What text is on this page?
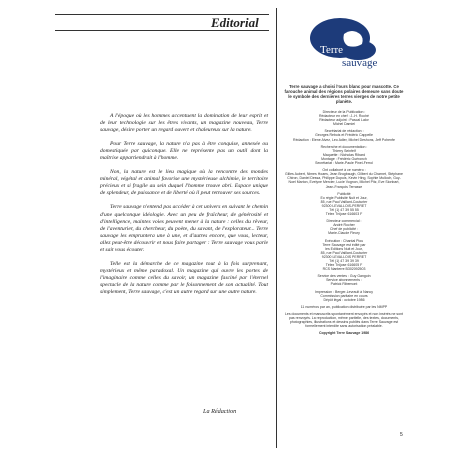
Editorial

A l'époque où les hommes accentuent la domination de leur esprit et de leur technologie sur les êtres vivants, un magazine nouveau, Terre sauvage, désire porter un regard ouvert et chaleureux sur la nature.

Pour Terre sauvage, la nature n'a pas à être conquise, annexée ou domestiquée par quiconque. Elle ne représente pas un outil dont la maîtrise appartiendrait à l'homme.

Non, la nature est le lieu magique où la rencontre des mondes minéral, végétal et animal favorise une mystérieuse alchimie, le territoire précieux et si fragile au sein duquel l'homme trouve abri. Espace unique de splendeur, de puissance et de liberté où il peut retrouver ses sources.

Terre sauvage n'entend pas accéder à cet univers en suivant le chemin d'une quelconque idéologie. Avec un peu de fraîcheur, de générosité et d'intelligence, maintes voies peuvent mener à la nature : celles du rêveur, de l'aventurier, du chercheur, du poète, du savant, de l'explorateur... Terre sauvage les empruntera une à une, et d'autres encore, que vous, lecteur, allez peut-être découvrir et nous faire partager : Terre sauvage vous parle et sait vous écouter.

Telle est la démarche de ce magazine tout à la fois surprenant, mystérieux et même paradoxal. Un magazine qui ouvre les portes de l'imaginaire comme celles du savoir, un magazine fasciné par l'éternel spectacle de la nature comme par le foisonnement de son actualité. Tout simplement, Terre sauvage, c'est un autre regard sur une autre nature.

La Rédaction
Terre
sauvage
Terre sauvage a choisi l'ours blanc pour mascotte. Ce farouche animal des régions polaires demeure sans doute le symbole des dernières terres vierges de notre petite planète.
Directeur de la Publication :
Rédacteur en chef : J.-H. Roché
Rédacteur adjoint : Pascal Lalor
Michel Damiel
Secrétariat de rédaction :
Georges Rebois et Frédéric Cappelle
Rédaction : Elene Alvez, Leo Adler, Michel Deshons, Jeff Pohenfe
Recherche et documentation :
Thierry Seinfelf
Maquette : Nicholas Ribard
Montage : Frédéric Guéronch
Secrétariat : Marie-Paule Pinel-Ferrol
Ont collaboré à ce numéro :
Gilles Aubert, Nimes Hoaes, Jean Brugbaugh, Gilbert du Charnet, Stéphane Chiron, Daniel Dessa, Philippe Dupuis, Kevin Hing, Sophie Mulloch, Guy-Noel Marton, Evelyne Mercier, Lucie Vognon, Michel Pitz, Eve Sionbart, Jean-François Terrasse
Publicité
Eo régie Publisité Nuit et Jour,
85, rue Paul Vaillant-Couturier
92300 LEVALLOIS-PERRET
Tél (1) 47 39 55 55
Télex Tnijose 616603 F
Directeur commercial :
André Rocher
Chef de publicité :
Marie-Claude Fleury
Exécution : Chantal Piou
Terre Sauvage est édité par
les Editions Nuit et Jour,
85, rue Paul Vaillant-Couturier
92300 LEVALLOIS PERRET
Tél (1) 47 39 39 39
Télex Tnijose 616605 F
RCS Nanterre B302092503
Service des ventes : Guy Gangoin
Service abonnements :
Patrick Ribemont
Impression : Berger-Levrault à Nancy
Commission paritaire en cours
Dépôt légal : octobre 1986
11 numéros par an, publication distribuée par les NMPP
Les documents et manuscrits spontanément envoyés et non insérés ne sont pas renvoyés. La reproduction, même partielle, des textes, documents, photographies, illustrations et dessins publiés dans Terre Sauvage est formellement interdite sans autorisation préalable.
Copyright Terre Sauvage 1986
5
